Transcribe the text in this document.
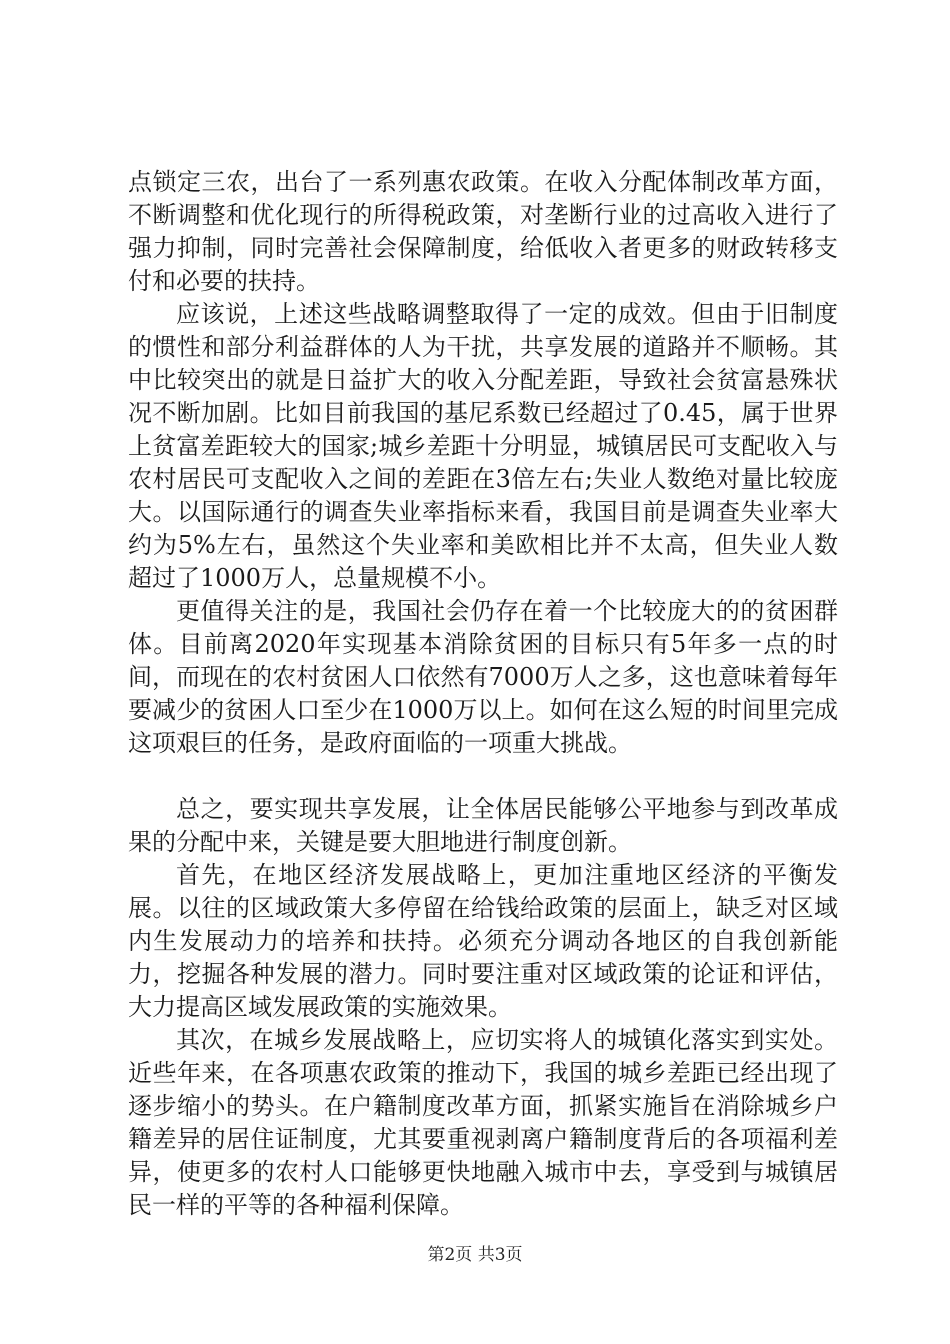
点锁定三农，出台了一系列惠农政策。在收入分配体制改革方面，不断调整和优化现行的所得税政策，对垄断行业的过高收入进行了强力抑制，同时完善社会保障制度，给低收入者更多的财政转移支付和必要的扶持。

应该说，上述这些战略调整取得了一定的成效。但由于旧制度的惯性和部分利益群体的人为干扰，共享发展的道路并不顺畅。其中比较突出的就是日益扩大的收入分配差距，导致社会贫富悬殊状况不断加剧。比如目前我国的基尼系数已经超过了0.45，属于世界上贫富差距较大的国家;城乡差距十分明显，城镇居民可支配收入与农村居民可支配收入之间的差距在3倍左右;失业人数绝对量比较庞大。以国际通行的调查失业率指标来看，我国目前是调查失业率大约为5%左右，虽然这个失业率和美欧相比并不太高，但失业人数超过了1000万人，总量规模不小。

更值得关注的是，我国社会仍存在着一个比较庞大的的贫困群体。目前离2020年实现基本消除贫困的目标只有5年多一点的时间，而现在的农村贫困人口依然有7000万人之多，这也意味着每年要减少的贫困人口至少在1000万以上。如何在这么短的时间里完成这项艰巨的任务，是政府面临的一项重大挑战。

总之，要实现共享发展，让全体居民能够公平地参与到改革成果的分配中来，关键是要大胆地进行制度创新。

首先，在地区经济发展战略上，更加注重地区经济的平衡发展。以往的区域政策大多停留在给钱给政策的层面上，缺乏对区域内生发展动力的培养和扶持。必须充分调动各地区的自我创新能力，挖掘各种发展的潜力。同时要注重对区域政策的论证和评估，大力提高区域发展政策的实施效果。

其次，在城乡发展战略上，应切实将人的城镇化落实到实处。近些年来，在各项惠农政策的推动下，我国的城乡差距已经出现了逐步缩小的势头。在户籍制度改革方面，抓紧实施旨在消除城乡户籍差异的居住证制度，尤其要重视剥离户籍制度背后的各项福利差异，使更多的农村人口能够更快地融入城市中去，享受到与城镇居民一样的平等的各种福利保障。

第2页 共3页
